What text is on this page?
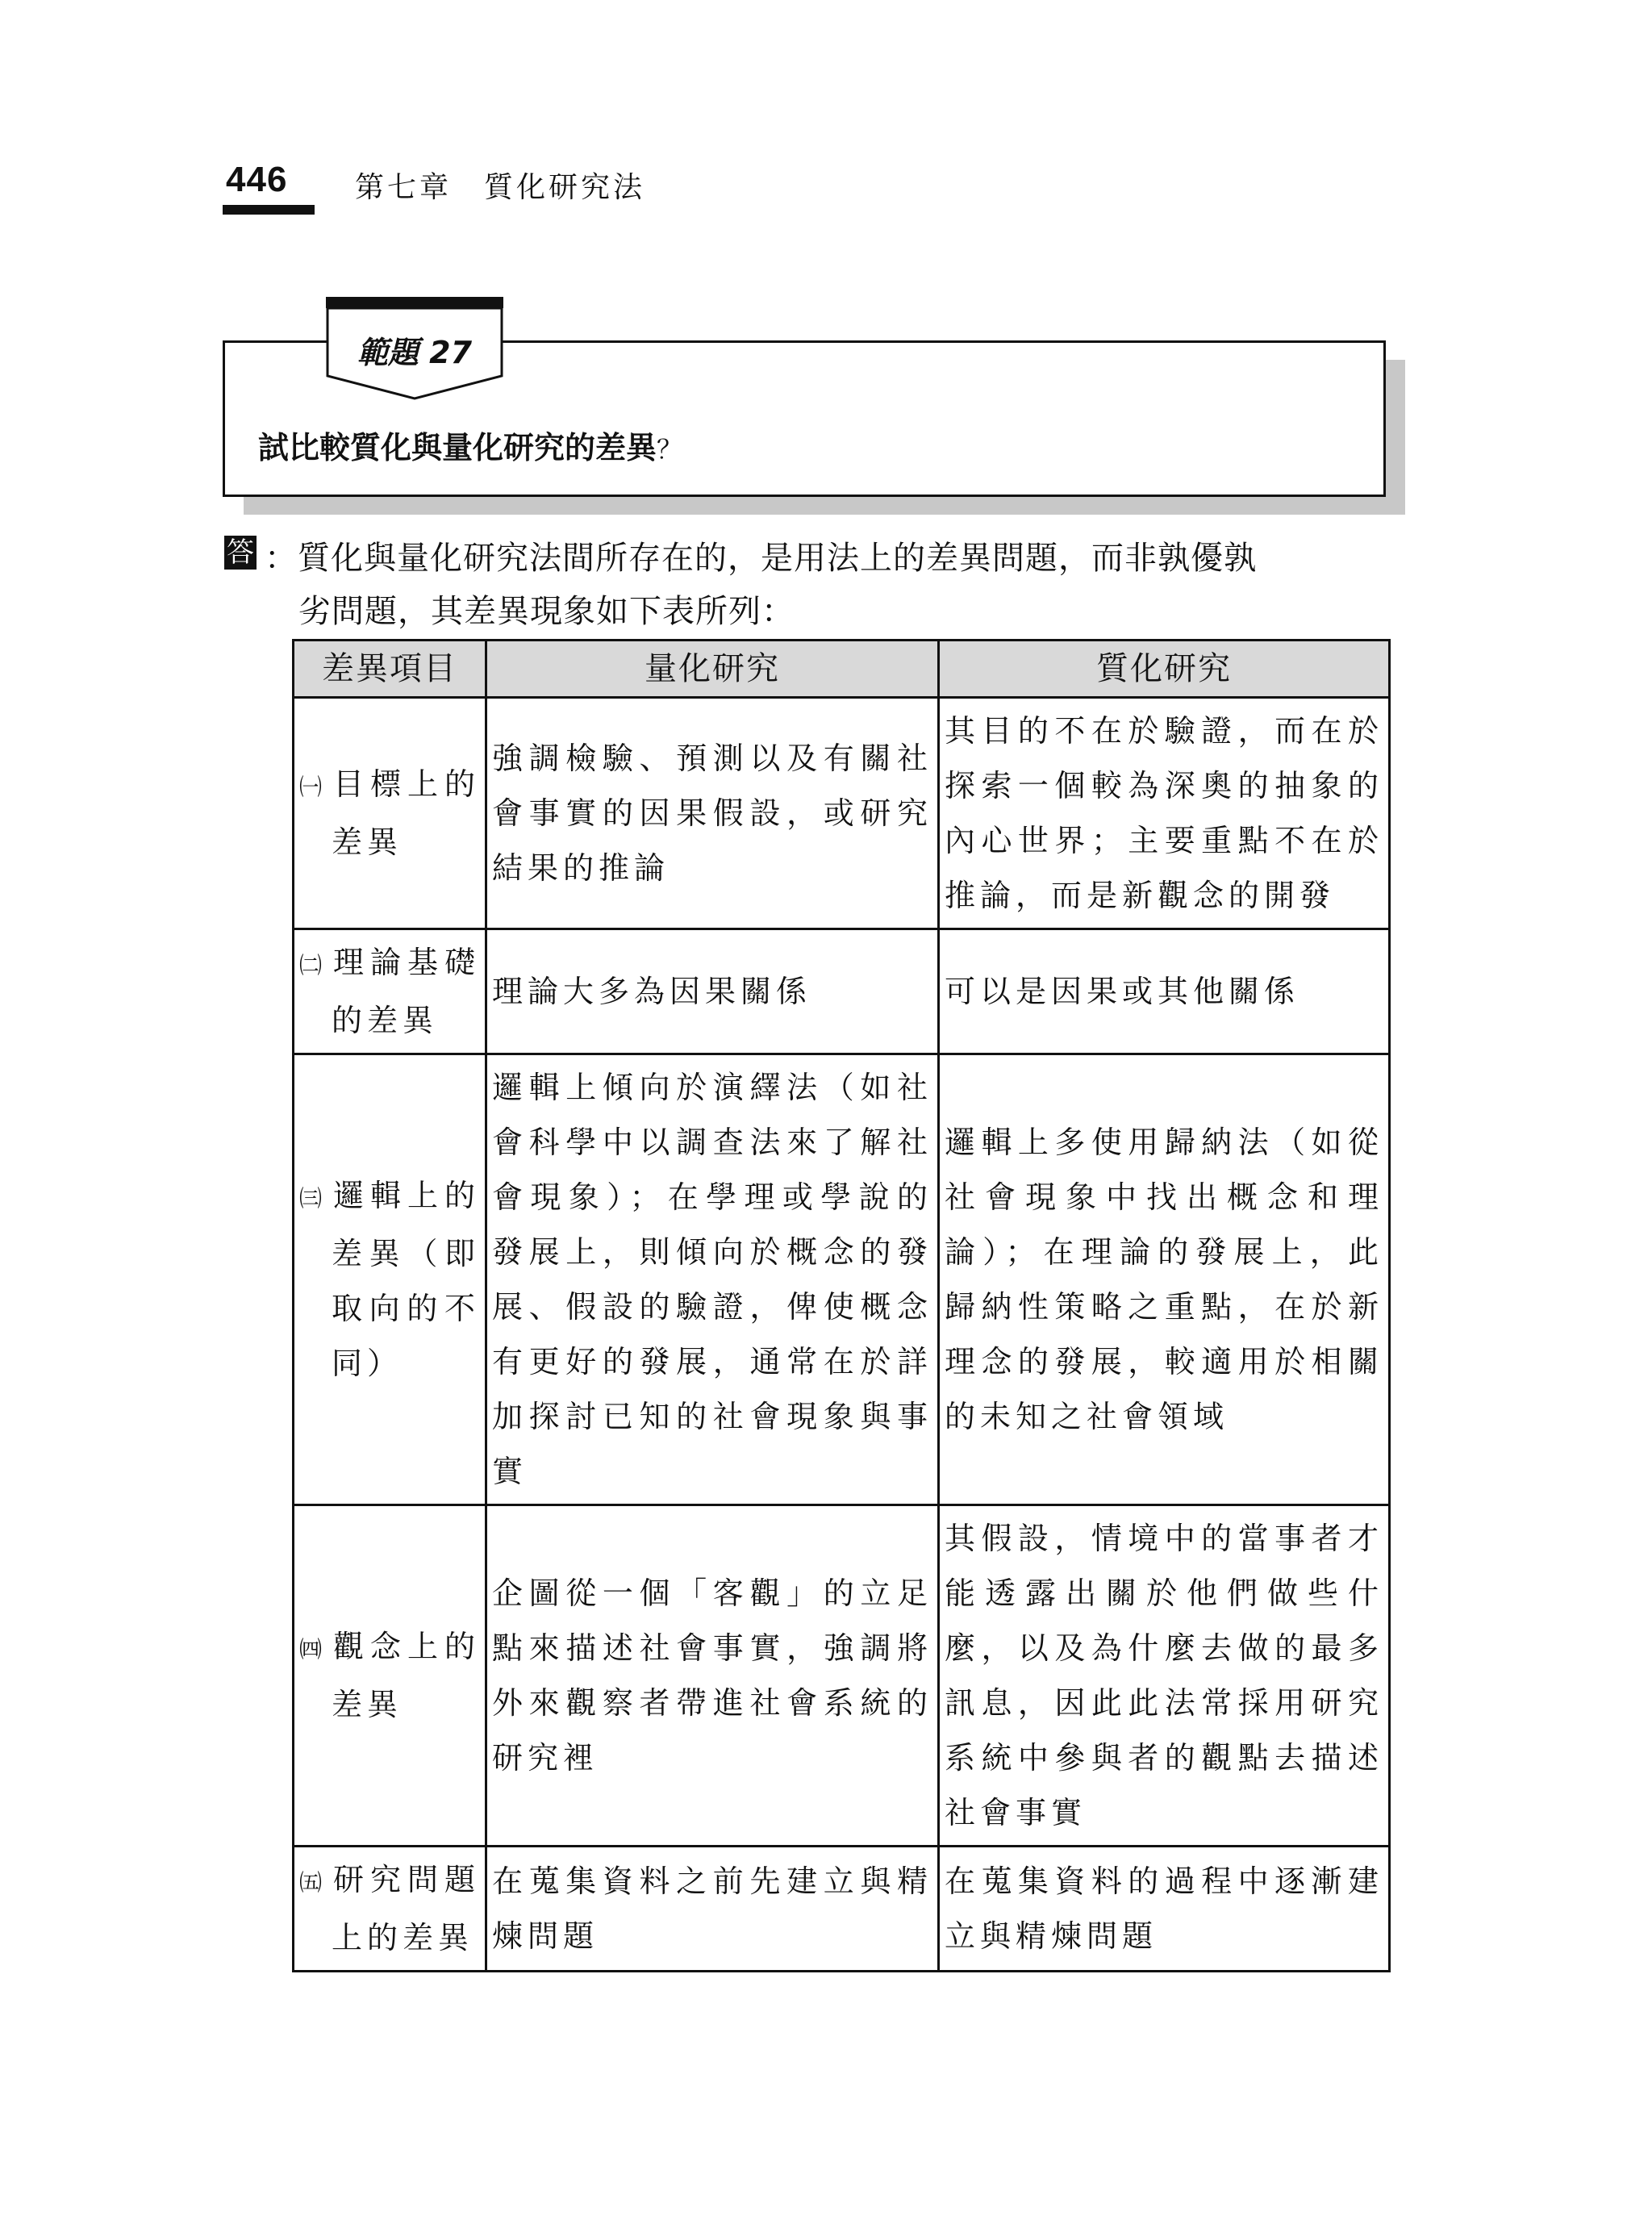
446 第七章　質化研究法
範題 27
試比較質化與量化研究的差異？
答 ：質化與量化研究法間所存在的，是用法上的差異問題，而非孰優孰
劣問題，其差異現象如下表所列：
差異項目	量化研究	質化研究
㈠ 目標上的差異	強調檢驗、預測以及有關社會事實的因果假設，或研究結果的推論	其目的不在於驗證，而在於探索一個較為深奧的抽象的內心世界；主要重點不在於推論，而是新觀念的開發
㈡ 理論基礎的差異	理論大多為因果關係	可以是因果或其他關係
㈢ 邏輯上的差異（即取向的不同）	邏輯上傾向於演繹法（如社會科學中以調查法來了解社會現象）；在學理或學說的發展上，則傾向於概念的發展、假設的驗證，俾使概念有更好的發展，通常在於詳加探討已知的社會現象與事實	邏輯上多使用歸納法（如從社會現象中找出概念和理論）；在理論的發展上，此歸納性策略之重點，在於新理念的發展，較適用於相關的未知之社會領域
㈣ 觀念上的差異	企圖從一個「客觀」的立足點來描述社會事實，強調將外來觀察者帶進社會系統的研究裡	其假設，情境中的當事者才能透露出關於他們做些什麼，以及為什麼去做的最多訊息，因此此法常採用研究系統中參與者的觀點去描述社會事實
㈤ 研究問題上的差異	在蒐集資料之前先建立與精煉問題	在蒐集資料的過程中逐漸建立與精煉問題
